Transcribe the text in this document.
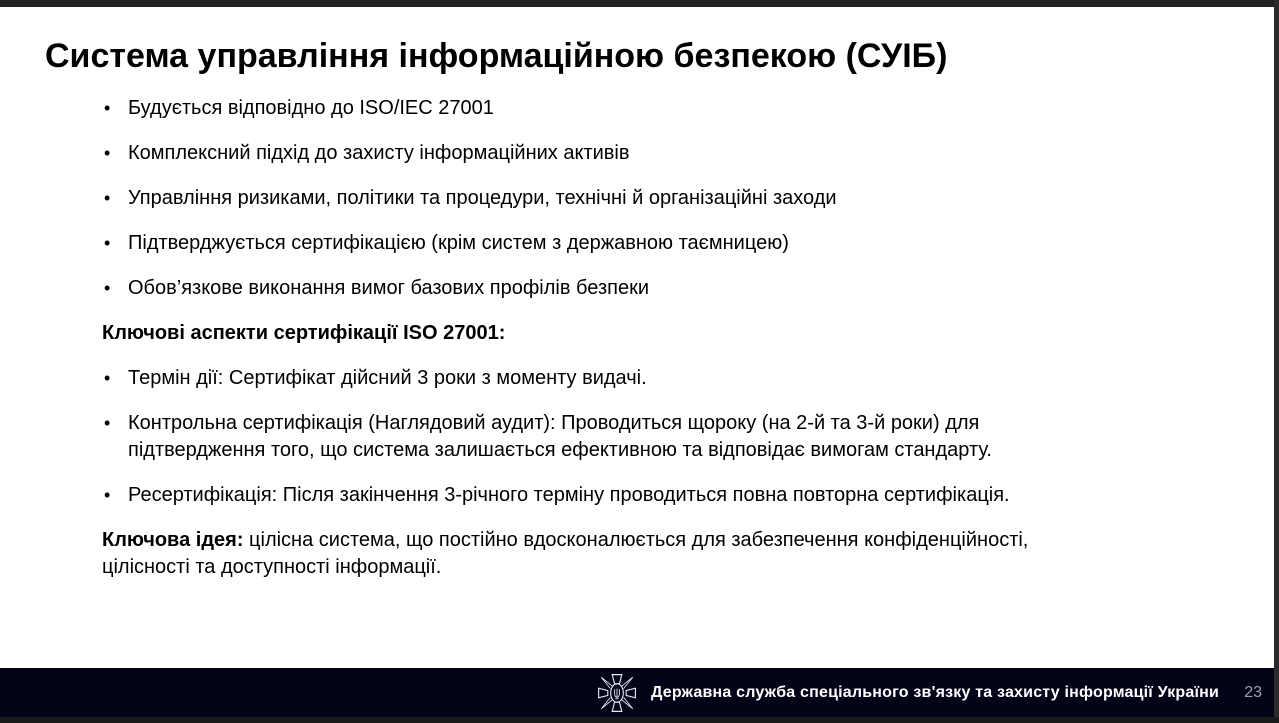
Система управління інформаційною безпекою (СУІБ)
• Будується відповідно до ISO/IEC 27001
• Комплексний підхід до захисту інформаційних активів
• Управління ризиками, політики та процедури, технічні й організаційні заходи
• Підтверджується сертифікацією (крім систем з державною таємницею)
• Обов’язкове виконання вимог базових профілів безпеки

Ключові аспекти сертифікації ISO 27001:

• Термін дії: Сертифікат дійсний 3 роки з моменту видачі.
• Контрольна сертифікація (Наглядовий аудит): Проводиться щороку (на 2-й та 3-й роки) для підтвердження того, що система залишається ефективною та відповідає вимогам стандарту.
• Ресертифікація: Після закінчення 3-річного терміну проводиться повна повторна сертифікація.

Ключова ідея: цілісна система, що постійно вдосконалюється для забезпечення конфіденційності, цілісності та доступності інформації.

Державна служба спеціального зв'язку та захисту інформації України 23
